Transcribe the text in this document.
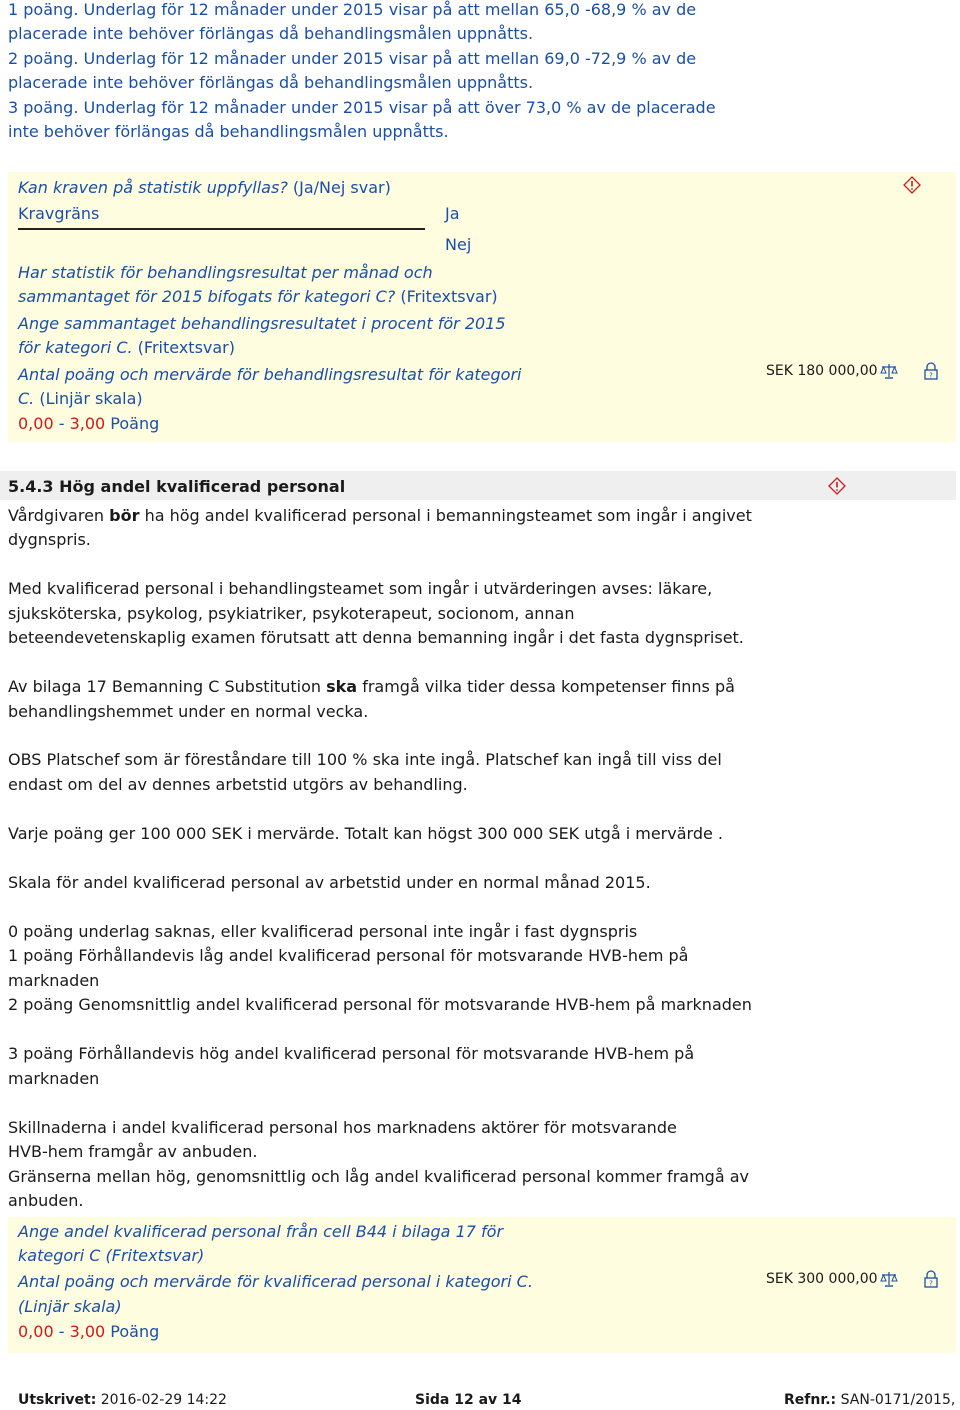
1 poäng. Underlag för 12 månader under 2015 visar på att mellan 65,0 -68,9 % av de
placerade inte behöver förlängas då behandlingsmålen uppnåtts.
2 poäng. Underlag för 12 månader under 2015 visar på att mellan 69,0 -72,9 % av de
placerade inte behöver förlängas då behandlingsmålen uppnåtts.
3 poäng. Underlag för 12 månader under 2015 visar på att över 73,0 % av de placerade
inte behöver förlängas då behandlingsmålen uppnåtts.
Kan kraven på statistik uppfyllas? (Ja/Nej svar)
Kravgräns	Ja
Nej
Har statistik för behandlingsresultat per månad och
sammantaget för 2015 bifogats för kategori C? (Fritextsvar)
Ange sammantaget behandlingsresultatet i procent för 2015
för kategori C. (Fritextsvar)
Antal poäng och mervärde för behandlingsresultat för kategori
C. (Linjär skala)
0,00 - 3,00 Poäng
SEK 180 000,00	?
5.4.3 Hög andel kvalificerad personal
Vårdgivaren bör ha hög andel kvalificerad personal i bemanningsteamet som ingår i angivet
dygnspris.
Med kvalificerad personal i behandlingsteamet som ingår i utvärderingen avses: läkare,
sjuksköterska, psykolog, psykiatriker, psykoterapeut, socionom, annan
beteendevetenskaplig examen förutsatt att denna bemanning ingår i det fasta dygnspriset.
Av bilaga 17 Bemanning C Substitution ska framgå vilka tider dessa kompetenser finns på
behandlingshemmet under en normal vecka.
OBS Platschef som är föreståndare till 100 % ska inte ingå. Platschef kan ingå till viss del
endast om del av dennes arbetstid utgörs av behandling.
Varje poäng ger 100 000 SEK i mervärde. Totalt kan högst 300 000 SEK utgå i mervärde .
Skala för andel kvalificerad personal av arbetstid under en normal månad 2015.
0 poäng underlag saknas, eller kvalificerad personal inte ingår i fast dygnspris
1 poäng Förhållandevis låg andel kvalificerad personal för motsvarande HVB-hem på
marknaden
2 poäng Genomsnittlig andel kvalificerad personal för motsvarande HVB-hem på marknaden
3 poäng Förhållandevis hög andel kvalificerad personal för motsvarande HVB-hem på
marknaden
Skillnaderna i andel kvalificerad personal hos marknadens aktörer för motsvarande
HVB-hem framgår av anbuden.
Gränserna mellan hög, genomsnittlig och låg andel kvalificerad personal kommer framgå av
anbuden.
Ange andel kvalificerad personal från cell B44 i bilaga 17 för
kategori C (Fritextsvar)
Antal poäng och mervärde för kvalificerad personal i kategori C.
(Linjär skala)
0,00 - 3,00 Poäng
SEK 300 000,00	?
Utskrivet: 2016-02-29 14:22	Sida 12 av 14	Refnr.: SAN-0171/2015,
